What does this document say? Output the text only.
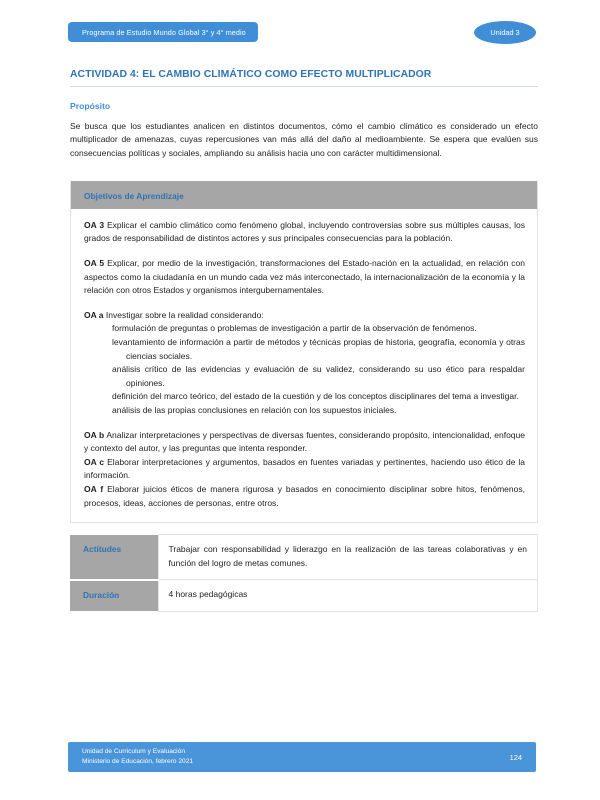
Programa de Estudio Mundo Global 3° y 4° medio	Unidad 3
ACTIVIDAD 4: EL CAMBIO CLIMÁTICO COMO EFECTO MULTIPLICADOR
Propósito

Se busca que los estudiantes analicen en distintos documentos, cómo el cambio climático es considerado un efecto multiplicador de amenazas, cuyas repercusiones van más allá del daño al medioambiente. Se espera que evalúen sus consecuencias políticas y sociales, ampliando su análisis hacia uno con carácter multidimensional.

Objetivos de Aprendizaje

OA 3 Explicar el cambio climático como fenómeno global, incluyendo controversias sobre sus múltiples causas, los grados de responsabilidad de distintos actores y sus principales consecuencias para la población.

OA 5 Explicar, por medio de la investigación, transformaciones del Estado-nación en la actualidad, en relación con aspectos como la ciudadanía en un mundo cada vez más interconectado, la internacionalización de la economía y la relación con otros Estados y organismos intergubernamentales.

OA a Investigar sobre la realidad considerando:

formulación de preguntas o problemas de investigación a partir de la observación de fenómenos.
levantamiento de información a partir de métodos y técnicas propias de historia, geografía, economía y otras ciencias sociales.
análisis crítico de las evidencias y evaluación de su validez, considerando su uso ético para respaldar opiniones.
definición del marco teórico, del estado de la cuestión y de los conceptos disciplinares del tema a investigar.
análisis de las propias conclusiones en relación con los supuestos iniciales.

OA b Analizar interpretaciones y perspectivas de diversas fuentes, considerando propósito, intencionalidad, enfoque y contexto del autor, y las preguntas que intenta responder.

OA c Elaborar interpretaciones y argumentos, basados en fuentes variadas y pertinentes, haciendo uso ético de la información.

OA f Elaborar juicios éticos de manera rigurosa y basados en conocimiento disciplinar sobre hitos, fenómenos, procesos, ideas, acciones de personas, entre otros.

Actitudes	Trabajar con responsabilidad y liderazgo en la realización de las tareas colaborativas y en función del logro de metas comunes.
Duración	4 horas pedagógicas
Unidad de Curriculum y Evaluación
Ministerio de Educación, febrero 2021	124
